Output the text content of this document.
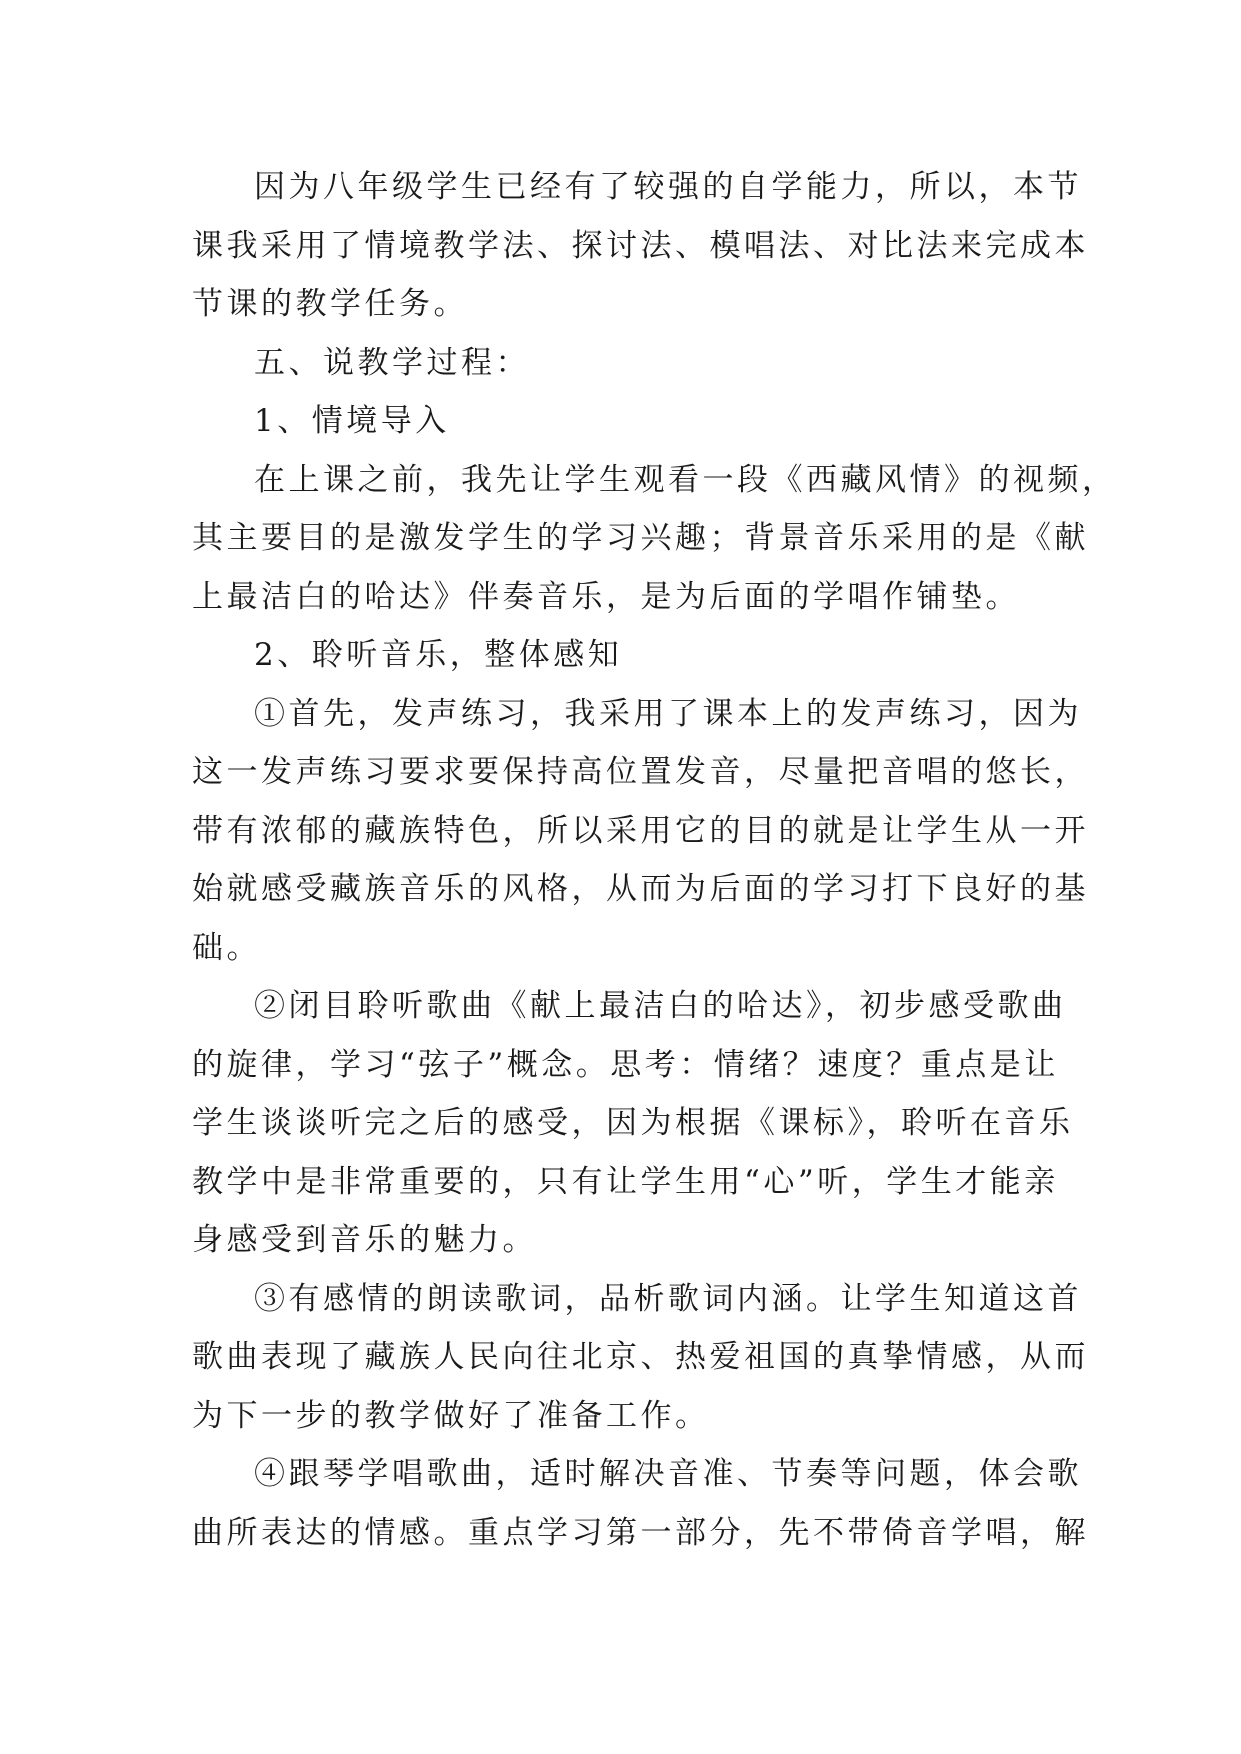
因为八年级学生已经有了较强的自学能力，所以，本节
课我采用了情境教学法、探讨法、模唱法、对比法来完成本
节课的教学任务。

五、说教学过程：

1、情境导入

在上课之前，我先让学生观看一段《西藏风情》的视频，
其主要目的是激发学生的学习兴趣；背景音乐采用的是《献
上最洁白的哈达》伴奏音乐，是为后面的学唱作铺垫。

2、聆听音乐，整体感知

①首先，发声练习，我采用了课本上的发声练习，因为
这一发声练习要求要保持高位置发音，尽量把音唱的悠长，
带有浓郁的藏族特色，所以采用它的目的就是让学生从一开
始就感受藏族音乐的风格，从而为后面的学习打下良好的基
础。

②闭目聆听歌曲《献上最洁白的哈达》，初步感受歌曲
的旋律，学习“弦子”概念。思考：情绪？速度？重点是让
学生谈谈听完之后的感受，因为根据《课标》，聆听在音乐
教学中是非常重要的，只有让学生用“心”听，学生才能亲
身感受到音乐的魅力。

③有感情的朗读歌词，品析歌词内涵。让学生知道这首
歌曲表现了藏族人民向往北京、热爱祖国的真挚情感，从而
为下一步的教学做好了准备工作。

④跟琴学唱歌曲，适时解决音准、节奏等问题，体会歌
曲所表达的情感。重点学习第一部分，先不带倚音学唱，解
